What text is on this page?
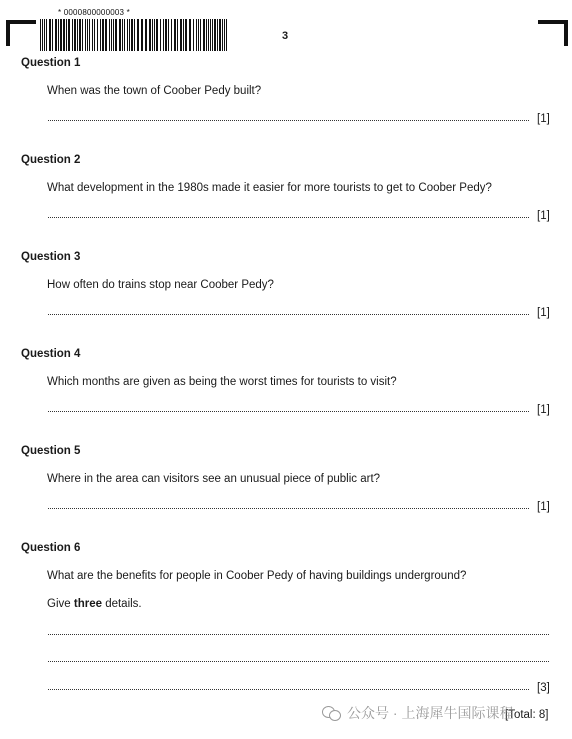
* 0000800000003 *
3
Question 1
When was the town of Coober Pedy built?
[1]
Question 2
What development in the 1980s made it easier for more tourists to get to Coober Pedy?
[1]
Question 3
How often do trains stop near Coober Pedy?
[1]
Question 4
Which months are given as being the worst times for tourists to visit?
[1]
Question 5
Where in the area can visitors see an unusual piece of public art?
[1]
Question 6
What are the benefits for people in Coober Pedy of having buildings underground?
Give three details.
[3]
[Total: 8]
公众号 · 上海犀牛国际课程
